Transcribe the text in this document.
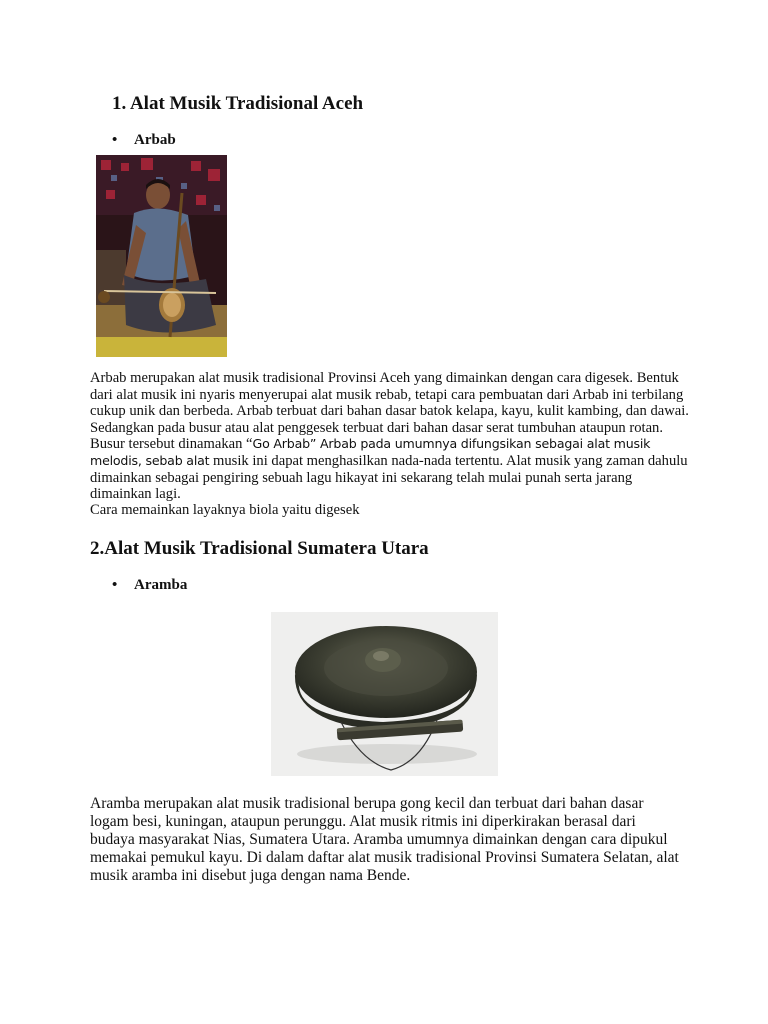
1. Alat Musik Tradisional Aceh
• Arbab
Arbab merupakan alat musik tradisional Provinsi Aceh yang dimainkan dengan cara digesek. Bentuk dari alat musik ini nyaris menyerupai alat musik rebab, tetapi cara pembuatan dari Arbab ini terbilang cukup unik dan berbeda. Arbab terbuat dari bahan dasar batok kelapa, kayu, kulit kambing, dan dawai. Sedangkan pada busur atau alat penggesek terbuat dari bahan dasar serat tumbuhan ataupun rotan. Busur tersebut dinamakan “Go Arbab” Arbab pada umumnya difungsikan sebagai alat musik melodis, sebab alat musik ini dapat menghasilkan nada-nada tertentu. Alat musik yang zaman dahulu dimainkan sebagai pengiring sebuah lagu hikayat ini sekarang telah mulai punah serta jarang dimainkan lagi.
Cara memainkan layaknya biola yaitu digesek
2.Alat Musik Tradisional Sumatera Utara
• Aramba
Aramba merupakan alat musik tradisional berupa gong kecil dan terbuat dari bahan dasar logam besi, kuningan, ataupun perunggu. Alat musik ritmis ini diperkirakan berasal dari budaya masyarakat Nias, Sumatera Utara. Aramba umumnya dimainkan dengan cara dipukul memakai pemukul kayu. Di dalam daftar alat musik tradisional Provinsi Sumatera Selatan, alat musik aramba ini disebut juga dengan nama Bende.
